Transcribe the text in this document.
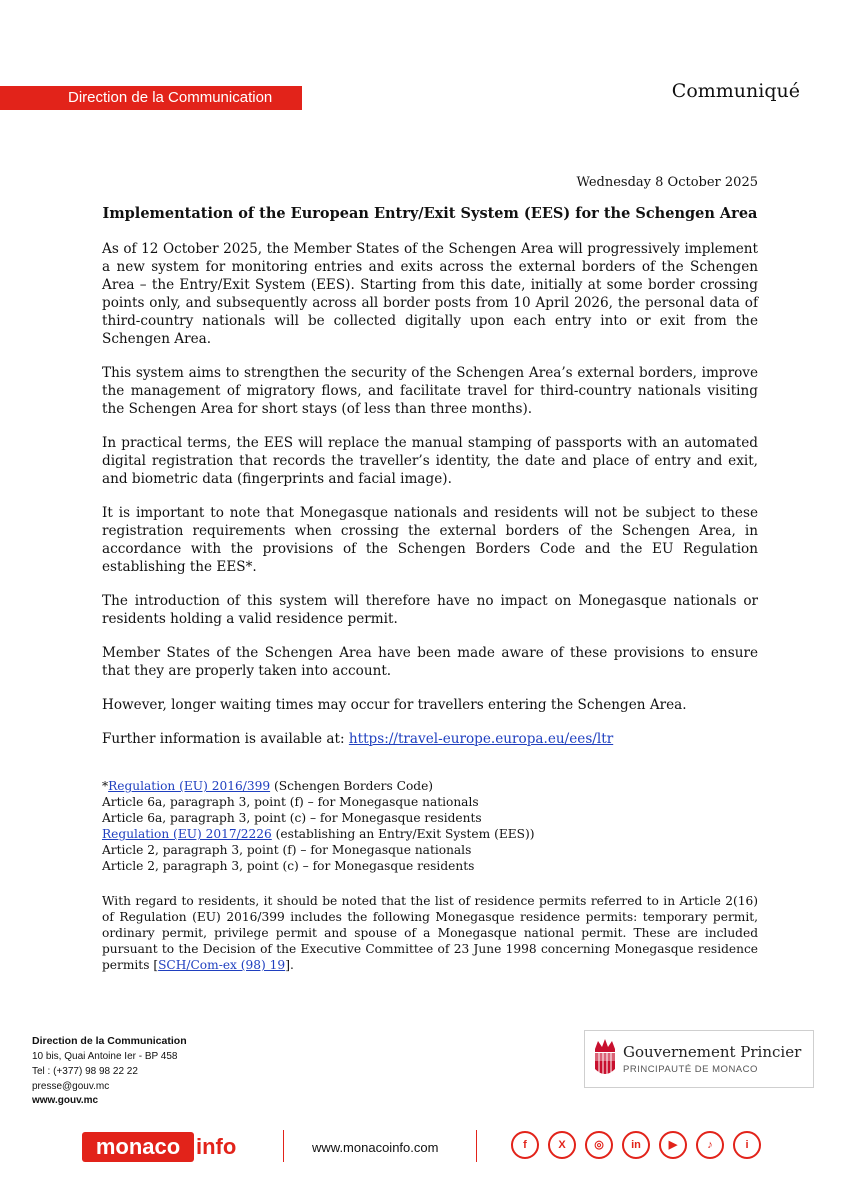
Direction de la Communication	Communiqué
Wednesday 8 October 2025
Implementation of the European Entry/Exit System (EES) for the Schengen Area

As of 12 October 2025, the Member States of the Schengen Area will progressively implement a new system for monitoring entries and exits across the external borders of the Schengen Area – the Entry/Exit System (EES). Starting from this date, initially at some border crossing points only, and subsequently across all border posts from 10 April 2026, the personal data of third-country nationals will be collected digitally upon each entry into or exit from the Schengen Area.

This system aims to strengthen the security of the Schengen Area’s external borders, improve the management of migratory flows, and facilitate travel for third-country nationals visiting the Schengen Area for short stays (of less than three months).

In practical terms, the EES will replace the manual stamping of passports with an automated digital registration that records the traveller’s identity, the date and place of entry and exit, and biometric data (fingerprints and facial image).

It is important to note that Monegasque nationals and residents will not be subject to these registration requirements when crossing the external borders of the Schengen Area, in accordance with the provisions of the Schengen Borders Code and the EU Regulation establishing the EES*.

The introduction of this system will therefore have no impact on Monegasque nationals or residents holding a valid residence permit.

Member States of the Schengen Area have been made aware of these provisions to ensure that they are properly taken into account.

However, longer waiting times may occur for travellers entering the Schengen Area.

Further information is available at: https://travel-europe.europa.eu/ees/ltr

*Regulation (EU) 2016/399 (Schengen Borders Code)
Article 6a, paragraph 3, point (f) – for Monegasque nationals
Article 6a, paragraph 3, point (c) – for Monegasque residents
Regulation (EU) 2017/2226 (establishing an Entry/Exit System (EES))
Article 2, paragraph 3, point (f) – for Monegasque nationals
Article 2, paragraph 3, point (c) – for Monegasque residents
With regard to residents, it should be noted that the list of residence permits referred to in Article 2(16) of Regulation (EU) 2016/399 includes the following Monegasque residence permits: temporary permit, ordinary permit, privilege permit and spouse of a Monegasque national permit. These are included pursuant to the Decision of the Executive Committee of 23 June 1998 concerning Monegasque residence permits [SCH/Com-ex (98) 19].
Direction de la Communication
10 bis, Quai Antoine Ier - BP 458
Tel : (+377) 98 98 22 22
presse@gouv.mc
www.gouv.mc
Gouvernement Princier
PRINCIPAUTÉ DE MONACO
monaco info	www.monacoinfo.com	f	X	◎	in	▶	♪	i
